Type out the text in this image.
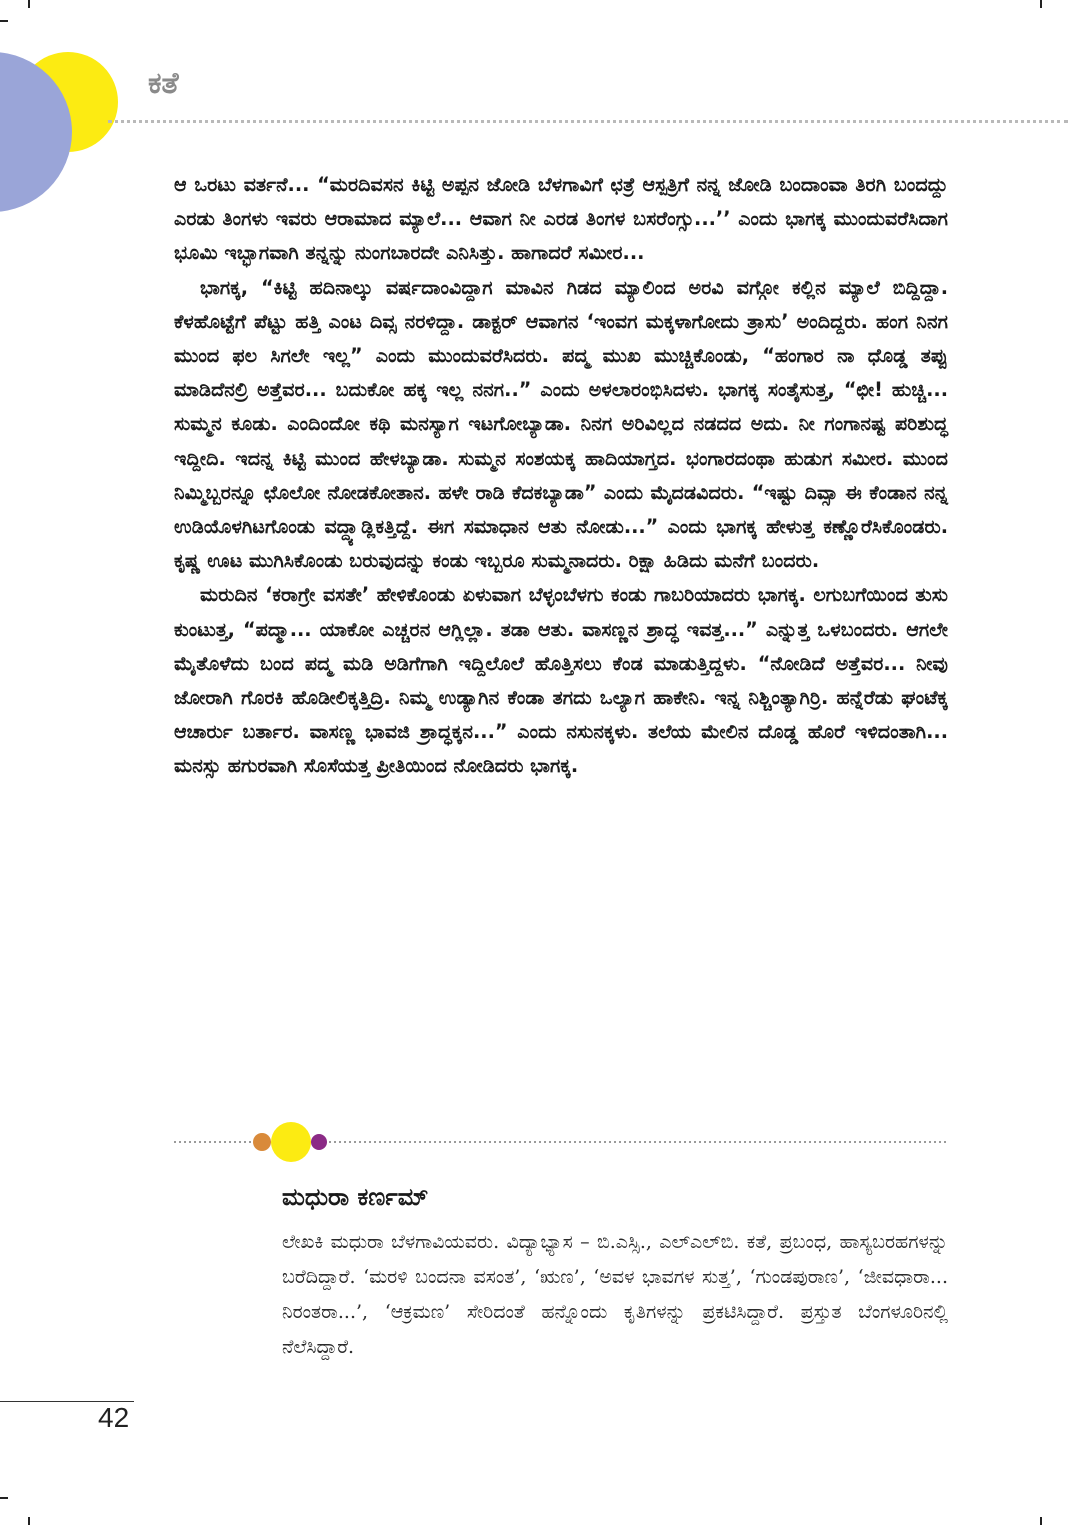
ಕತೆ

ಆ ಒರಟು ವರ್ತನೆ... “ಮರದಿವಸನ ಕಿಟ್ಟಿ ಅಪ್ಪನ ಜೋಡಿ ಬೆಳಗಾವಿಗೆ ಛತ್ರೆ ಆಸ್ಪತ್ರಿಗೆ ನನ್ನ ಜೋಡಿ ಬಂದಾಂವಾ ತಿರಗಿ ಬಂದದ್ದು ಎರಡು ತಿಂಗಳು ಇವರು ಆರಾಮಾದ ಮ್ಯಾಲೆ... ಆವಾಗ ನೀ ಎರಡ ತಿಂಗಳ ಬಸರೆಂಗ್ಸು...’’ ಎಂದು ಭಾಗಕ್ಕ ಮುಂದುವರೆಸಿದಾಗ ಭೂಮಿ ಇಬ್ಭಾಗವಾಗಿ ತನ್ನನ್ನು ನುಂಗಬಾರದೇ ಎನಿಸಿತ್ತು. ಹಾಗಾದರೆ ಸಮೀರ...

ಭಾಗಕ್ಕ, “ಕಿಟ್ಟಿ ಹದಿನಾಲ್ಕು ವರ್ಷದಾಂವಿದ್ದಾಗ ಮಾವಿನ ಗಿಡದ ಮ್ಯಾಲಿಂದ ಅರವಿ ವಗ್ಗೋ ಕಲ್ಲಿನ ಮ್ಯಾಲೆ ಬಿದ್ದಿದ್ದಾ. ಕೆಳಹೊಟ್ಟೆಗೆ ಪೆಟ್ಟು ಹತ್ತಿ ಎಂಟ ದಿವ್ಸ ನರಳಿದ್ದಾ. ಡಾಕ್ಟರ್ ಆವಾಗನ ‘ಇಂವಗ ಮಕ್ಕಳಾಗೋದು ತ್ರಾಸು’ ಅಂದಿದ್ದರು. ಹಂಗ ನಿನಗ ಮುಂದ ಫಲ ಸಿಗಲೇ ಇಲ್ಲ” ಎಂದು ಮುಂದುವರೆಸಿದರು. ಪದ್ಮ ಮುಖ ಮುಚ್ಚಿಕೊಂಡು, “ಹಂಗಾರ ನಾ ಧೊಡ್ಡ ತಪ್ಪು ಮಾಡಿದೆನಲ್ರಿ ಅತ್ತೆವರ... ಬದುಕೋ ಹಕ್ಕ ಇಲ್ಲ ನನಗ..” ಎಂದು ಅಳಲಾರಂಭಿಸಿದಳು. ಭಾಗಕ್ಕ ಸಂತೈಸುತ್ತ, “ಛೀ! ಹುಚ್ಚಿ... ಸುಮ್ಮನ ಕೂಡು. ಎಂದಿಂದೋ ಕಥಿ ಮನಸ್ಯಾಗ ಇಟಗೋಬ್ಯಾಡಾ. ನಿನಗ ಅರಿವಿಲ್ಲದ ನಡದದ ಅದು. ನೀ ಗಂಗಾನಷ್ಟ ಪರಿಶುದ್ಧ ಇದ್ದೀದಿ. ಇದನ್ನ ಕಿಟ್ಟಿ ಮುಂದ ಹೇಳಬ್ಯಾಡಾ. ಸುಮ್ಮನ ಸಂಶಯಕ್ಕ ಹಾದಿಯಾಗ್ತದ. ಭಂಗಾರದಂಥಾ ಹುಡುಗ ಸಮೀರ. ಮುಂದ ನಿಮ್ಮಿಬ್ಬರನ್ನೂ ಛೊಲೋ ನೋಡಕೋತಾನ. ಹಳೇ ರಾಡಿ ಕೆದಕಬ್ಯಾಡಾ” ಎಂದು ಮೈದಡವಿದರು. “ಇಷ್ಟು ದಿವ್ಸಾ ಈ ಕೆಂಡಾನ ನನ್ನ ಉಡಿಯೊಳಗಿಟಗೊಂಡು ವದ್ದ್ಯಾಡ್ಲಿಕತ್ತಿದ್ದೆ. ಈಗ ಸಮಾಧಾನ ಆತು ನೋಡು...” ಎಂದು ಭಾಗಕ್ಕ ಹೇಳುತ್ತ ಕಣ್ಣೊರೆಸಿಕೊಂಡರು. ಕೃಷ್ಣ ಊಟ ಮುಗಿಸಿಕೊಂಡು ಬರುವುದನ್ನು ಕಂಡು ಇಬ್ಬರೂ ಸುಮ್ಮನಾದರು. ರಿಕ್ಷಾ ಹಿಡಿದು ಮನೆಗೆ ಬಂದರು.

ಮರುದಿನ ‘ಕರಾಗ್ರೇ ವಸತೇ’ ಹೇಳಿಕೊಂಡು ಏಳುವಾಗ ಬೆಳ್ಳಂಬೆಳಗು ಕಂಡು ಗಾಬರಿಯಾದರು ಭಾಗಕ್ಕ. ಲಗುಬಗೆಯಿಂದ ತುಸು ಕುಂಟುತ್ತ, “ಪದ್ಮಾ... ಯಾಕೋ ಎಚ್ಚರನ ಆಗ್ಲಿಲ್ಲಾ. ತಡಾ ಆತು. ವಾಸಣ್ಣನ ಶ್ರಾದ್ಧ ಇವತ್ತ...” ಎನ್ನುತ್ತ ಒಳಬಂದರು. ಆಗಲೇ ಮೈತೊಳೆದು ಬಂದ ಪದ್ಮ ಮಡಿ ಅಡಿಗೆಗಾಗಿ ಇದ್ದಿಲೊಲೆ ಹೊತ್ತಿಸಲು ಕೆಂಡ ಮಾಡುತ್ತಿದ್ದಳು. “ನೋಡಿದೆ ಅತ್ತೆವರ... ನೀವು ಜೋರಾಗಿ ಗೊರಕಿ ಹೊಡೀಲಿಕ್ಕತ್ತಿದ್ರಿ. ನಿಮ್ಮ ಉಡ್ಯಾಗಿನ ಕೆಂಡಾ ತಗದು ಒಲ್ಯಾಗ ಹಾಕೇನಿ. ಇನ್ನ ನಿಶ್ಚಿಂತ್ಯಾಗಿರ್ರಿ. ಹನ್ನೆರೆಡು ಘಂಟೆಕ್ಕ ಆಚಾರ್ರು ಬರ್ತಾರ. ವಾಸಣ್ಣ ಭಾವಜಿ ಶ್ರಾದ್ಧಕ್ಕನ...” ಎಂದು ನಸುನಕ್ಕಳು. ತಲೆಯ ಮೇಲಿನ ದೊಡ್ಡ ಹೊರೆ ಇಳಿದಂತಾಗಿ... ಮನಸ್ಸು ಹಗುರವಾಗಿ ಸೊಸೆಯತ್ತ ಪ್ರೀತಿಯಿಂದ ನೋಡಿದರು ಭಾಗಕ್ಕ.

ಮಧುರಾ ಕರ್ಣಮ್
ಲೇಖಕಿ ಮಧುರಾ ಬೆಳಗಾವಿಯವರು. ವಿದ್ಯಾಭ್ಯಾಸ – ಬಿ.ಎಸ್ಸಿ., ಎಲ್‌ಎಲ್‌ಬಿ. ಕತೆ, ಪ್ರಬಂಧ, ಹಾಸ್ಯಬರಹಗಳನ್ನು ಬರೆದಿದ್ದಾರೆ. ‘ಮರಳಿ ಬಂದನಾ ವಸಂತ’, ‘ಋಣ’, ‘ಅವಳ ಭಾವಗಳ ಸುತ್ತ’, ‘ಗುಂಡಪುರಾಣ’, ‘ಜೀವಧಾರಾ... ನಿರಂತರಾ...’, ‘ಆಕ್ರಮಣ’ ಸೇರಿದಂತೆ ಹನ್ನೊಂದು ಕೃತಿಗಳನ್ನು ಪ್ರಕಟಿಸಿದ್ದಾರೆ. ಪ್ರಸ್ತುತ ಬೆಂಗಳೂರಿನಲ್ಲಿ ನೆಲೆಸಿದ್ದಾರೆ.
42
